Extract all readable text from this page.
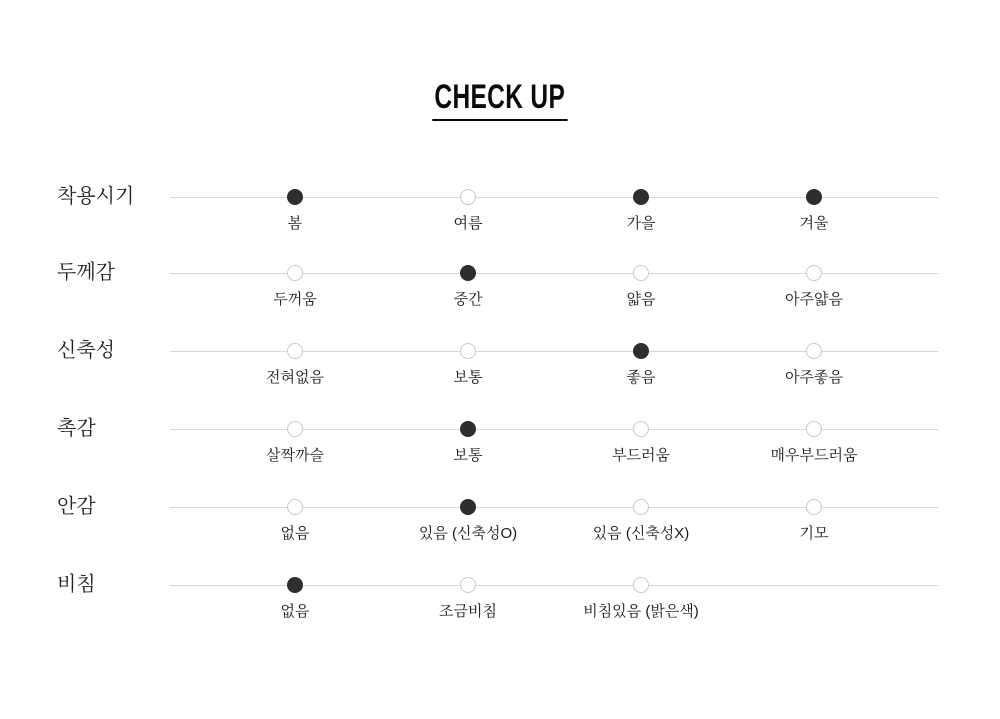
CHECK UP
착용시기
봄	여름	가을	겨울
두께감
두꺼움	중간	얇음	아주얇음
신축성
전혀없음	보통	좋음	아주좋음
촉감
살짝까슬	보통	부드러움	매우부드러움
안감
없음	있음 (신축성O)	있음 (신축성X)	기모
비침
없음	조금비침	비침있음 (밝은색)
